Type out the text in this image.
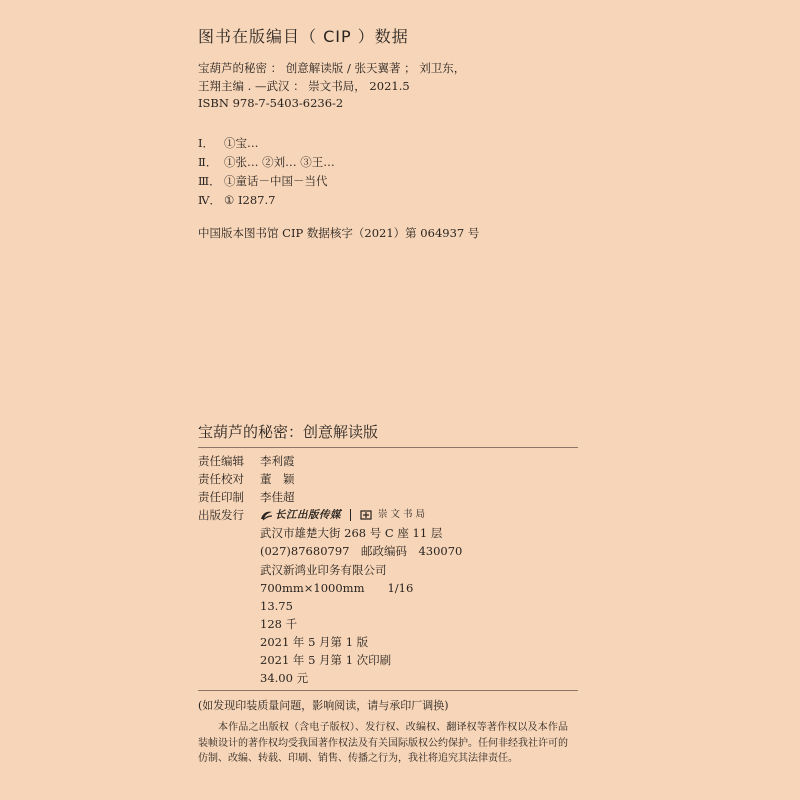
图书在版编目（ CIP ）数据
宝葫芦的秘密 ： 创意解读版 / 张天翼著 ； 刘卫东，
王翔主编 . —武汉 ： 崇文书局， 2021.5
ISBN 978-7-5403-6236-2
Ⅰ． ①宝…
Ⅱ． ①张… ②刘… ③王…
Ⅲ． ①童话－中国－当代
Ⅳ． ① I287.7
中国版本图书馆 CIP 数据核字（2021）第 064937 号
宝葫芦的秘密：创意解读版
责任编辑	李利霞
责任校对	董　颖
责任印制	李佳超
出版发行	长江出版传媒	崇文书局
武汉市雄楚大街 268 号 C 座 11 层
(027)87680797　邮政编码　430070
武汉新鸿业印务有限公司
700mm×1000mm　　1/16
13.75
128 千
2021 年 5 月第 1 版
2021 年 5 月第 1 次印刷
34.00 元
(如发现印装质量问题，影响阅读，请与承印厂调换)
本作品之出版权（含电子版权）、发行权、改编权、翻译权等著作权以及本作品装帧设计的著作权均受我国著作权法及有关国际版权公约保护。任何非经我社许可的仿制、改编、转载、印刷、销售、传播之行为，我社将追究其法律责任。
